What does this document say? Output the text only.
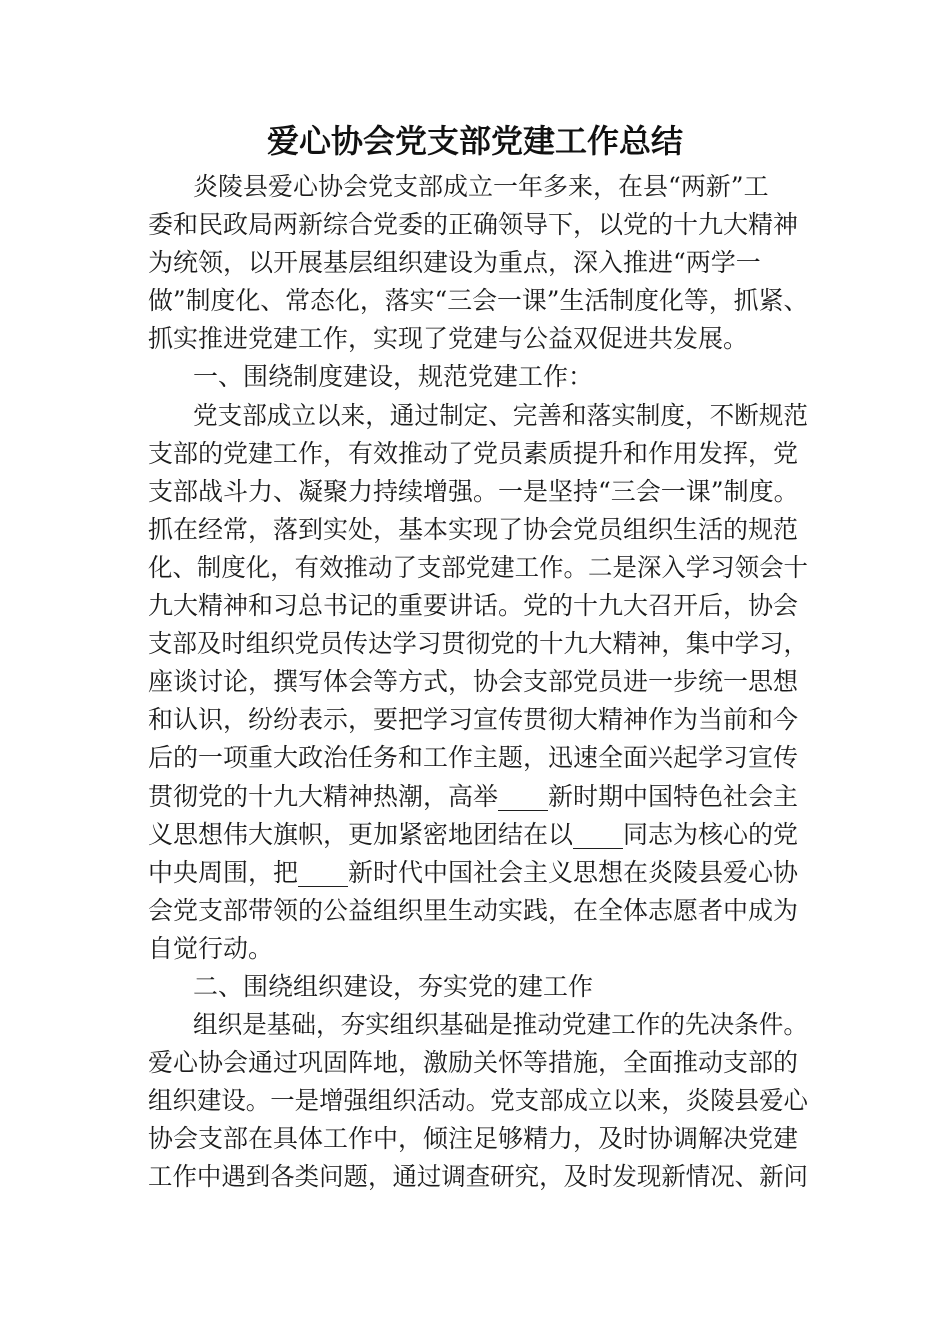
爱心协会党支部党建工作总结
炎陵县爱心协会党支部成立一年多来，在县“两新”工
委和民政局两新综合党委的正确领导下，以党的十九大精神
为统领，以开展基层组织建设为重点，深入推进“两学一
做”制度化、常态化，落实“三会一课”生活制度化等，抓紧、
抓实推进党建工作，实现了党建与公益双促进共发展。
一、围绕制度建设，规范党建工作：
党支部成立以来，通过制定、完善和落实制度，不断规范
支部的党建工作，有效推动了党员素质提升和作用发挥，党
支部战斗力、凝聚力持续增强。一是坚持“三会一课”制度。
抓在经常，落到实处，基本实现了协会党员组织生活的规范
化、制度化，有效推动了支部党建工作。二是深入学习领会十
九大精神和习总书记的重要讲话。党的十九大召开后，协会
支部及时组织党员传达学习贯彻党的十九大精神，集中学习，
座谈讨论，撰写体会等方式，协会支部党员进一步统一思想
和认识，纷纷表示，要把学习宣传贯彻大精神作为当前和今
后的一项重大政治任务和工作主题，迅速全面兴起学习宣传
贯彻党的十九大精神热潮，高举____新时期中国特色社会主
义思想伟大旗帜，更加紧密地团结在以____同志为核心的党
中央周围，把____新时代中国社会主义思想在炎陵县爱心协
会党支部带领的公益组织里生动实践，在全体志愿者中成为
自觉行动。
二、围绕组织建设，夯实党的建工作
组织是基础，夯实组织基础是推动党建工作的先决条件。
爱心协会通过巩固阵地，激励关怀等措施，全面推动支部的
组织建设。一是增强组织活动。党支部成立以来，炎陵县爱心
协会支部在具体工作中，倾注足够精力，及时协调解决党建
工作中遇到各类问题，通过调查研究，及时发现新情况、新问
